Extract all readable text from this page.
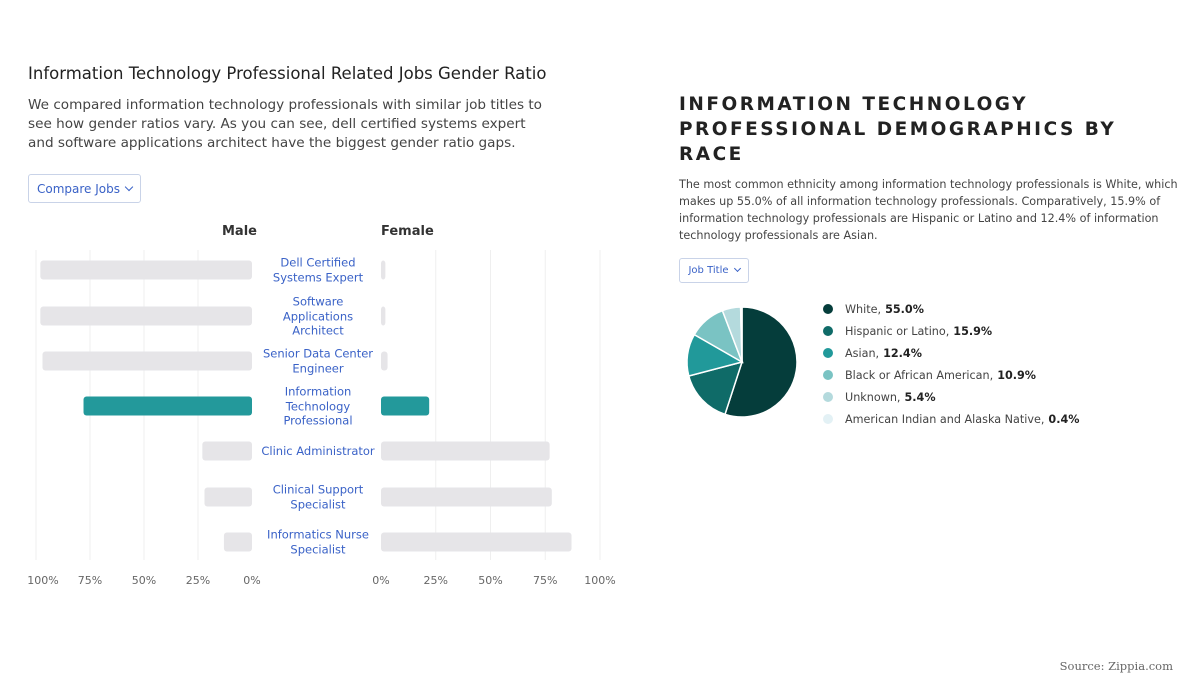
Information Technology Professional Related Jobs Gender Ratio
We compared information technology professionals with similar job titles to see how gender ratios vary. As you can see, dell certified systems expert and software applications architect have the biggest gender ratio gaps.
Compare Jobs
Male	Female
Dell Certified Systems Expert
Software Applications Architect
Senior Data Center Engineer
Information Technology Professional
Clinic Administrator
Clinical Support Specialist
Informatics Nurse Specialist
100% 75%	50%	25%	0%	0%	25%	50%	75% 100%
INFORMATION TECHNOLOGY PROFESSIONAL DEMOGRAPHICS BY RACE
The most common ethnicity among information technology professionals is White, which makes up 55.0% of all information technology professionals. Comparatively, 15.9% of information technology professionals are Hispanic or Latino and 12.4% of information technology professionals are Asian.
Job Title
White, 55.0%
Hispanic or Latino, 15.9%
Asian, 12.4%
Black or African American, 10.9%
Unknown, 5.4%
American Indian and Alaska Native, 0.4%
Source: Zippia.com
